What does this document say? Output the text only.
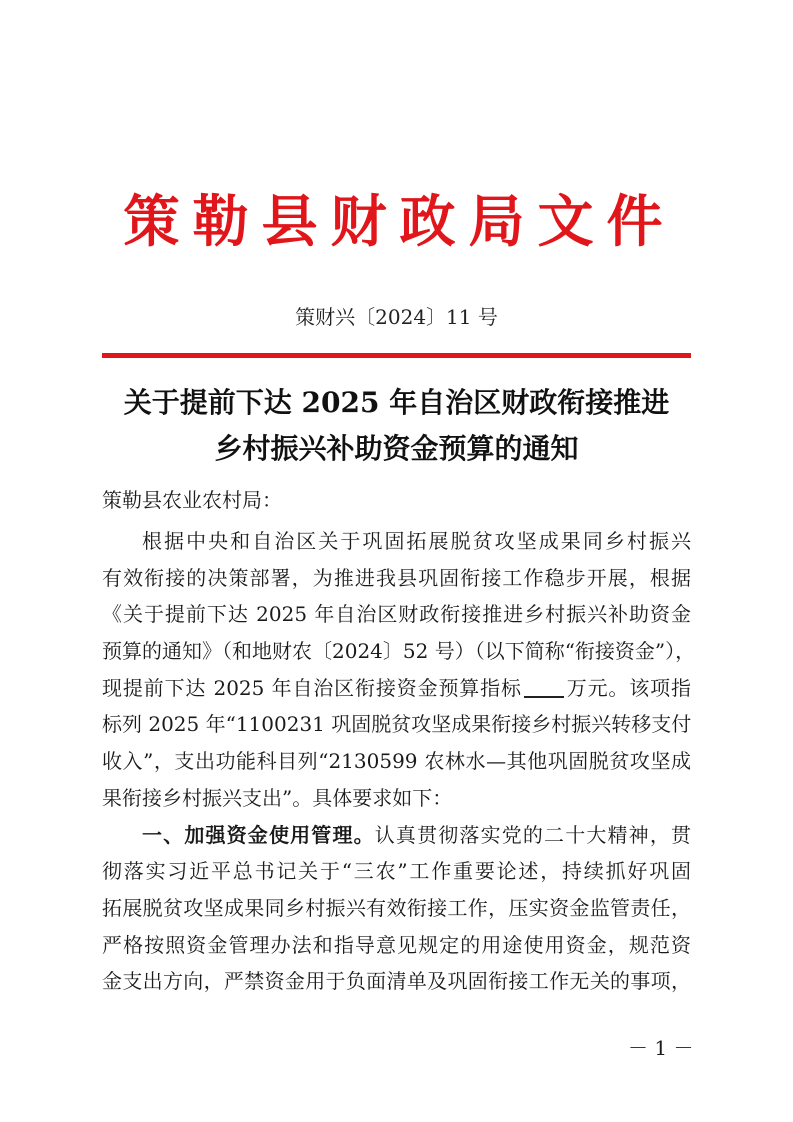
策勒县财政局文件
策财兴〔2024〕11 号
关于提前下达 2025 年自治区财政衔接推进
乡村振兴补助资金预算的通知
策勒县农业农村局：
根据中央和自治区关于巩固拓展脱贫攻坚成果同乡村振兴
有效衔接的决策部署，为推进我县巩固衔接工作稳步开展，根据
《关于提前下达 2025 年自治区财政衔接推进乡村振兴补助资金
预算的通知》（和地财农〔2024〕52 号）（以下简称“衔接资金”），
现提前下达 2025 年自治区衔接资金预算指标 万元。该项指
标列 2025 年“1100231 巩固脱贫攻坚成果衔接乡村振兴转移支付
收入”，支出功能科目列“2130599 农林水—其他巩固脱贫攻坚成
果衔接乡村振兴支出”。具体要求如下：
一、加强资金使用管理。认真贯彻落实党的二十大精神，贯
彻落实习近平总书记关于“三农”工作重要论述，持续抓好巩固
拓展脱贫攻坚成果同乡村振兴有效衔接工作，压实资金监管责任，
严格按照资金管理办法和指导意见规定的用途使用资金，规范资
金支出方向，严禁资金用于负面清单及巩固衔接工作无关的事项，
－ 1 －
